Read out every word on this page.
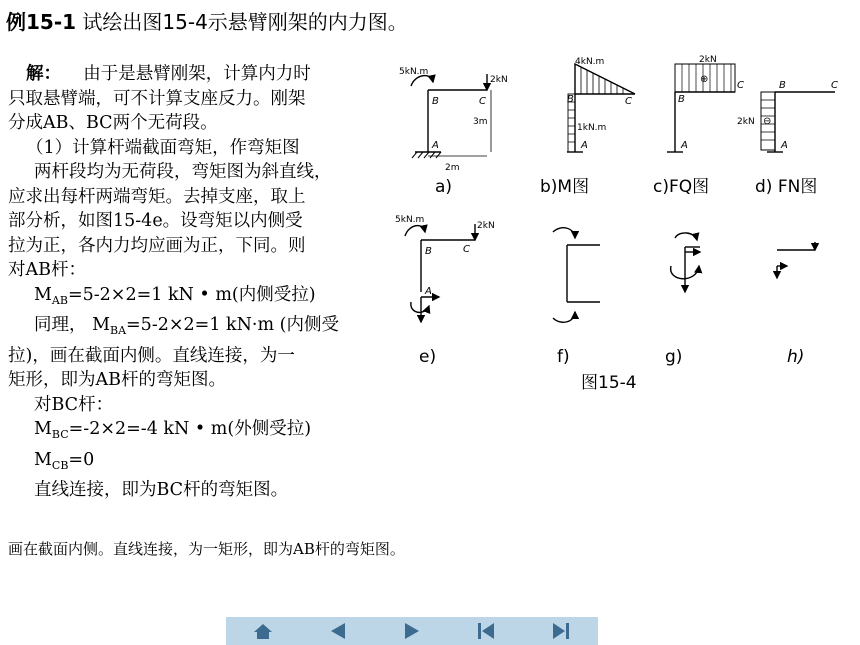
例15-1 试绘出图15-4示悬臂刚架的内力图。
解： 由于是悬臂刚架，计算内力时
只取悬臂端，可不计算支座反力。刚架
分成AB、BC两个无荷段。
（1）计算杆端截面弯矩，作弯矩图
两杆段均为无荷段，弯矩图为斜直线，
应求出每杆两端弯矩。去掉支座，取上
部分析，如图15-4e。设弯矩以内侧受
拉为正，各内力均应画为正，下同。则
对AB杆：
$M_{AB}=5-2\times 2=1$ kN • m(内侧受拉)
同理， $M_{BA}=5-2\times 2=1$ kN·m (内侧受
拉)，画在截面内侧。直线连接，为一
矩形，即为AB杆的弯矩图。
对BC杆：
$M_{BC}=-2\times 2=-4$ kN • m(外侧受拉)
$M_{CB}=0$
直线连接，即为BC杆的弯矩图。
画在截面内侧。直线连接，为一矩形，即为AB杆的弯矩图。
5kN.m
2kN
3m
2m
B	C
A
4kN.m
1kN.m
B	C
A
2kN
⊕
B
C
A
2kN ⊖
B	C
A
5kN.m
2kN
B	C
A
a)	b)M图	c)FQ图	d) FN图
e)	f)	g)	h)
图15-4
